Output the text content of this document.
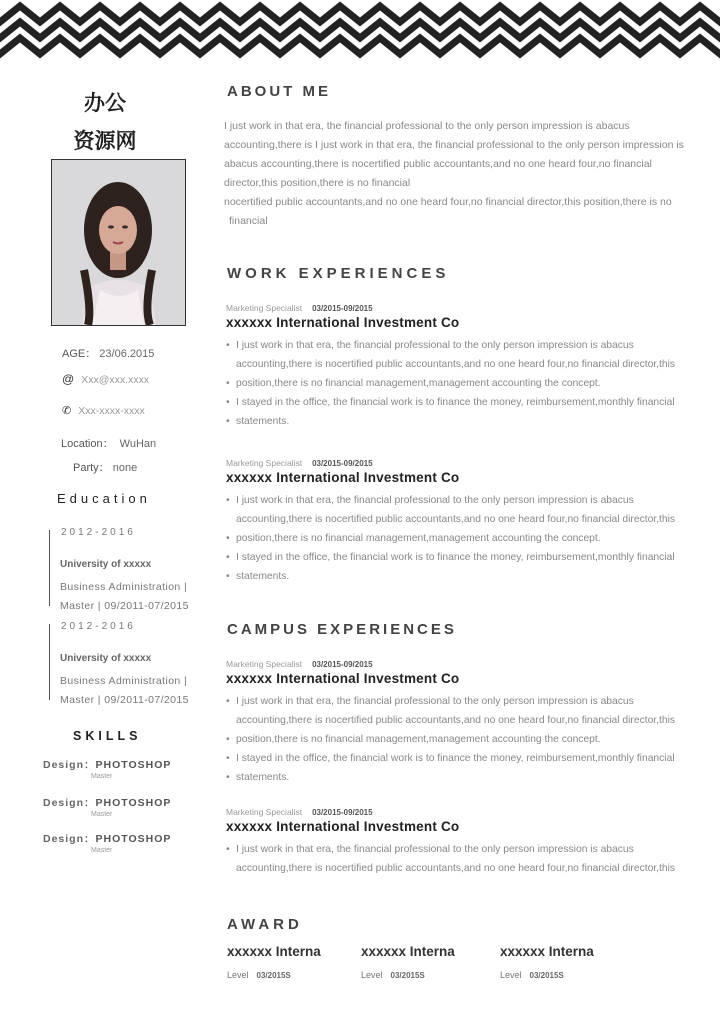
办公
资源网
AGE： 23/06.2015
@ Xxx@xxx.xxxx
✆ Xxx-xxxx-xxxx
Location： WuHan
Party： none
Education
2012-2016
University of xxxxx
Business Administration |
Master | 09/2011-07/2015
2012-2016
University of xxxxx
Business Administration |
Master | 09/2011-07/2015
SKILLS
Design：PHOTOSHOP
Master
Design：PHOTOSHOP
Master
Design：PHOTOSHOP
Master
ABOUT ME

I just work in that era, the financial professional to the only person impression is abacus

accounting,there is I just work in that era, the financial professional to the only person impression is

abacus accounting,there is nocertified public accountants,and no one heard four,no financial

director,this position,there is no financial

nocertified public accountants,and no one heard four,no financial director,this position,there is no

financial

WORK EXPERIENCES
Marketing Specialist 03/2015-09/2015
xxxxxx International Investment Co
• I just work in that era, the financial professional to the only person impression is abacus
accounting,there is nocertified public accountants,and no one heard four,no financial director,this
• position,there is no financial management,management accounting the concept.
• I stayed in the office, the financial work is to finance the money, reimbursement,monthly financial
• statements.
Marketing Specialist 03/2015-09/2015
xxxxxx International Investment Co
• I just work in that era, the financial professional to the only person impression is abacus
accounting,there is nocertified public accountants,and no one heard four,no financial director,this
• position,there is no financial management,management accounting the concept.
• I stayed in the office, the financial work is to finance the money, reimbursement,monthly financial
• statements.
CAMPUS EXPERIENCES
Marketing Specialist 03/2015-09/2015
xxxxxx International Investment Co
• I just work in that era, the financial professional to the only person impression is abacus
accounting,there is nocertified public accountants,and no one heard four,no financial director,this
• position,there is no financial management,management accounting the concept.
• I stayed in the office, the financial work is to finance the money, reimbursement,monthly financial
• statements.
Marketing Specialist 03/2015-09/2015
xxxxxx International Investment Co
• I just work in that era, the financial professional to the only person impression is abacus
accounting,there is nocertified public accountants,and no one heard four,no financial director,this
AWARD
xxxxxx Interna
Level 03/2015S
xxxxxx Interna
Level 03/2015S
xxxxxx Interna
Level 03/2015S
